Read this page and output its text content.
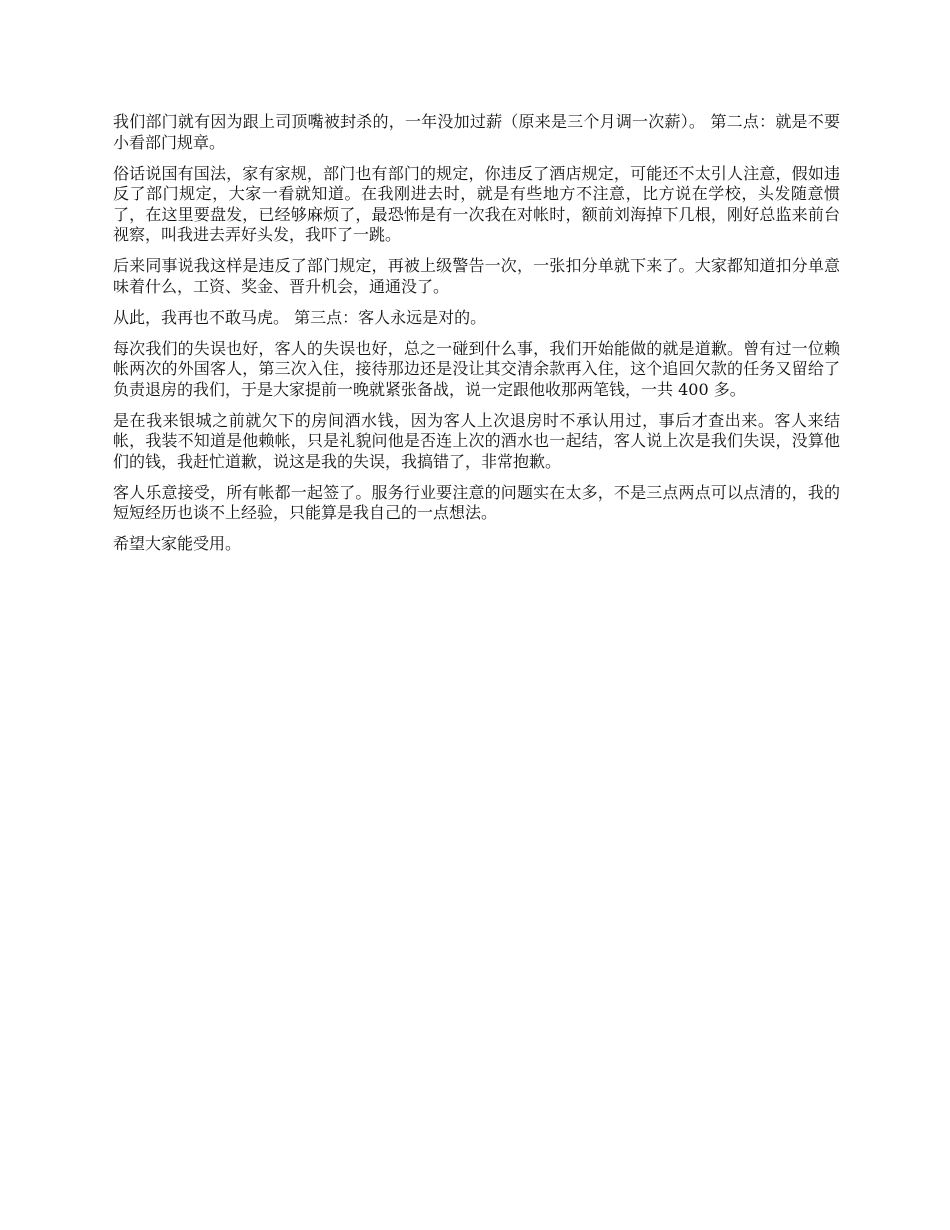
我们部门就有因为跟上司顶嘴被封杀的，一年没加过薪（原来是三个月调一次薪）。 第二点：就是不要小看部门规章。

俗话说国有国法，家有家规，部门也有部门的规定，你违反了酒店规定，可能还不太引人注意，假如违反了部门规定，大家一看就知道。在我刚进去时，就是有些地方不注意，比方说在学校，头发随意惯了，在这里要盘发，已经够麻烦了，最恐怖是有一次我在对帐时，额前刘海掉下几根，刚好总监来前台视察，叫我进去弄好头发，我吓了一跳。

后来同事说我这样是违反了部门规定，再被上级警告一次，一张扣分单就下来了。大家都知道扣分单意味着什么，工资、奖金、晋升机会，通通没了。

从此，我再也不敢马虎。 第三点：客人永远是对的。

每次我们的失误也好，客人的失误也好，总之一碰到什么事，我们开始能做的就是道歉。曾有过一位赖帐两次的外国客人，第三次入住，接待那边还是没让其交清余款再入住，这个追回欠款的任务又留给了负责退房的我们，于是大家提前一晚就紧张备战，说一定跟他收那两笔钱，一共 400 多。

是在我来银城之前就欠下的房间酒水钱，因为客人上次退房时不承认用过，事后才查出来。客人来结帐，我装不知道是他赖帐，只是礼貌问他是否连上次的酒水也一起结，客人说上次是我们失误，没算他们的钱，我赶忙道歉，说这是我的失误，我搞错了，非常抱歉。

客人乐意接受，所有帐都一起签了。服务行业要注意的问题实在太多，不是三点两点可以点清的，我的短短经历也谈不上经验，只能算是我自己的一点想法。

希望大家能受用。
